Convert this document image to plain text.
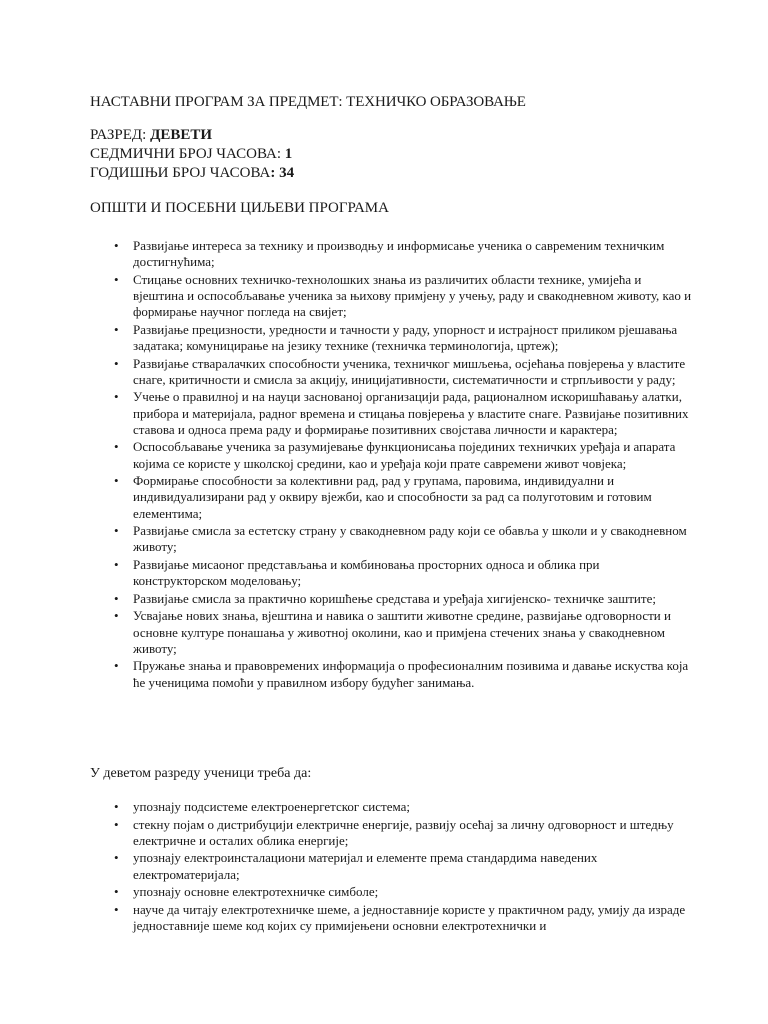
НАСТАВНИ ПРОГРАМ ЗА ПРЕДМЕТ: ТЕХНИЧКО ОБРАЗОВАЊЕ
РАЗРЕД: ДЕВЕТИ
СЕДМИЧНИ БРОЈ ЧАСОВА: 1
ГОДИШЊИ БРОЈ ЧАСОВА: 34
ОПШТИ И ПОСЕБНИ ЦИЉЕВИ ПРОГРАМА
• Развијање интереса за технику и производњу и информисање ученика о савременим техничким достигнућима;
• Стицање основних техничко-технолошких знања из различитих области технике, умијећа и вјештина и оспособљавање ученика за њихову примјену у учењу, раду и свакодневном животу, као и формирање научног погледа на свијет;
• Развијање прецизности, уредности и тачности у раду, упорност и истрајност приликом рјешавања задатака; комуницирање на језику технике (техничка терминологија, цртеж);
• Развијање стваралачких способности ученика, техничког мишљења, осјећања повјерења у властите снаге, критичности и смисла за акцију, иницијативности, систематичности и стрпљивости у раду;
• Учење о правилној и на науци заснованој организацији рада, рационалном искоришћавању алатки, прибора и материјала, радног времена и стицања повјерења у властите снаге. Развијање позитивних ставова и односа према раду и формирање позитивних својстава личности и карактера;
• Оспособљавање ученика за разумијевање функционисања појединих техничких уређаја и апарата којима се користе у школској средини, као и уређаја који прате савремени живот човјека;
• Формирање способности за колективни рад, рад у групама, паровима, индивидуални и индивидуализирани рад у оквиру вјежби, као и способности за рад са полуготовим и готовим елементима;
• Развијање смисла за естетску страну у свакодневном раду који се обавља у школи и у свакодневном животу;
• Развијање мисаоног представљања и комбиновања просторних односа и облика при конструкторском моделовању;
• Развијање смисла за практично коришћење средстава и уређаја хигијенско- техничке заштите;
• Усвајање нових знања, вјештина и навика о заштити животне средине, развијање одговорности и основне културе понашања у животној околини, као и примјена стечених знања у свакодневном животу;
• Пружање знања и правовремених информација о професионалним позивима и давање искуства која ће ученицима помоћи у правилном избору будућег занимања.
У деветом разреду ученици треба да:
• упознају подсистеме електроенергетског система;
• стекну појам о дистрибуцији електричне енергије, развију осећај за личну одговорност и штедњу електричне и осталих облика енергије;
• упознају електроинсталациони материјал и елементе према стандардима наведених електроматеријала;
• упознају основне електротехничке симболе;
• науче да читају електротехничке шеме, а једноставније користе у практичном раду, умију да израде једноставније шеме код којих су примијењени основни електротехнички и
